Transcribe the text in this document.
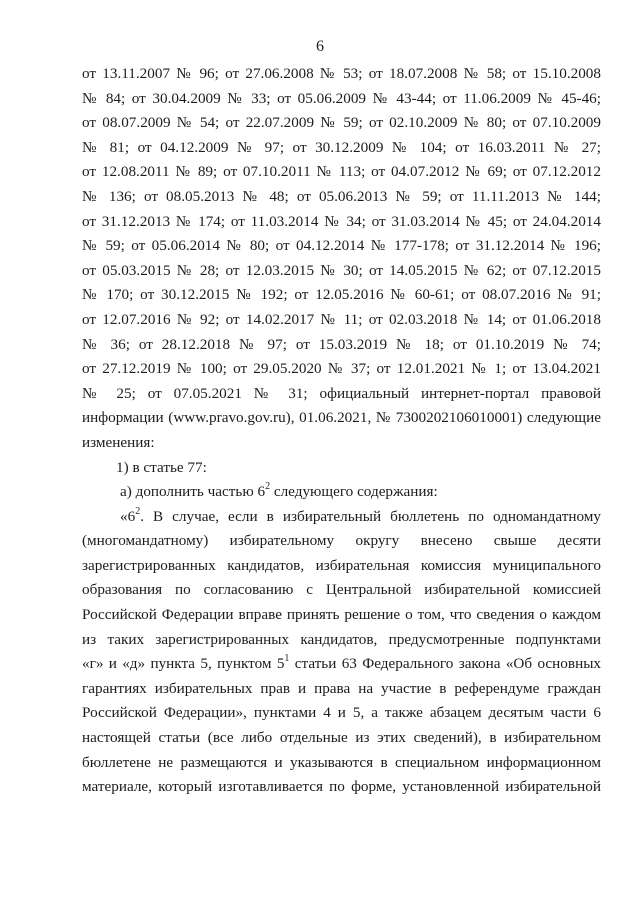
6
от 13.11.2007 № 96; от 27.06.2008 № 53; от 18.07.2008 № 58; от 15.10.2008
№ 84; от 30.04.2009 № 33; от 05.06.2009 № 43-44; от 11.06.2009 № 45-46;
от 08.07.2009 № 54; от 22.07.2009 № 59; от 02.10.2009 № 80; от 07.10.2009
№ 81; от 04.12.2009 № 97; от 30.12.2009 № 104; от 16.03.2011 № 27;
от 12.08.2011 № 89; от 07.10.2011 № 113; от 04.07.2012 № 69; от 07.12.2012
№ 136; от 08.05.2013 № 48; от 05.06.2013 № 59; от 11.11.2013 № 144;
от 31.12.2013 № 174; от 11.03.2014 № 34; от 31.03.2014 № 45; от 24.04.2014
№ 59; от 05.06.2014 № 80; от 04.12.2014 № 177-178; от 31.12.2014 № 196;
от 05.03.2015 № 28; от 12.03.2015 № 30; от 14.05.2015 № 62; от 07.12.2015
№ 170; от 30.12.2015 № 192; от 12.05.2016 № 60-61; от 08.07.2016 № 91;
от 12.07.2016 № 92; от 14.02.2017 № 11; от 02.03.2018 № 14; от 01.06.2018
№ 36; от 28.12.2018 № 97; от 15.03.2019 № 18; от 01.10.2019 № 74;
от 27.12.2019 № 100; от 29.05.2020 № 37; от 12.01.2021 № 1; от 13.04.2021
№ 25; от 07.05.2021 № 31; официальный интернет-портал правовой
информации (www.pravo.gov.ru), 01.06.2021, № 7300202106010001) следующие
изменения:
1) в статье 77:
а) дополнить частью $6^2$ следующего содержания:
«$6^2$. В случае, если в избирательный бюллетень по одномандатному
(многомандатному) избирательному округу внесено свыше десяти
зарегистрированных кандидатов, избирательная комиссия муниципального
образования по согласованию с Центральной избирательной комиссией
Российской Федерации вправе принять решение о том, что сведения о каждом
из таких зарегистрированных кандидатов, предусмотренные подпунктами
«г» и «д» пункта 5, пунктом $5^1$ статьи 63 Федерального закона «Об основных
гарантиях избирательных прав и права на участие в референдуме граждан
Российской Федерации», пунктами 4 и 5, а также абзацем десятым части 6
настоящей статьи (все либо отдельные из этих сведений), в избирательном
бюллетене не размещаются и указываются в специальном информационном
материале, который изготавливается по форме, установленной избирательной
